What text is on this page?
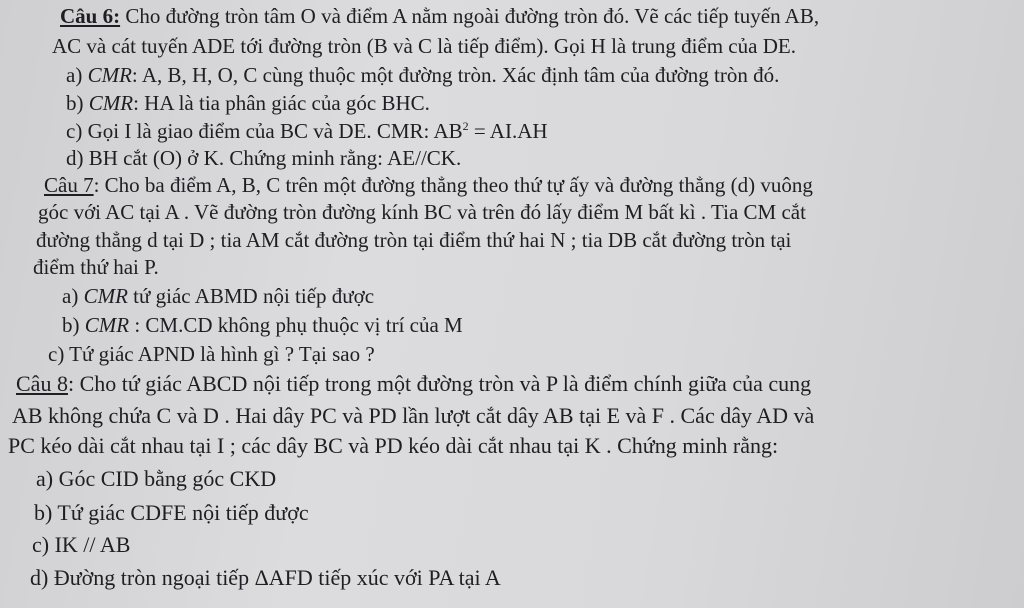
Câu 6: Cho đường tròn tâm O và điểm A nằm ngoài đường tròn đó. Vẽ các tiếp tuyến AB,
AC và cát tuyến ADE tới đường tròn (B và C là tiếp điểm). Gọi H là trung điểm của DE.
a) CMR: A, B, H, O, C cùng thuộc một đường tròn. Xác định tâm của đường tròn đó.
b) CMR: HA là tia phân giác của góc BHC.
c) Gọi I là giao điểm của BC và DE. CMR: $AB^2 = AI.AH$
d) BH cắt (O) ở K. Chứng minh rằng: AE//CK.
Câu 7: Cho ba điểm A, B, C trên một đường thẳng theo thứ tự ấy và đường thẳng (d) vuông
góc với AC tại A . Vẽ đường tròn đường kính BC và trên đó lấy điểm M bất kì . Tia CM cắt
đường thẳng d tại D ; tia AM cắt đường tròn tại điểm thứ hai N ; tia DB cắt đường tròn tại
điểm thứ hai P.
a) CMR tứ giác ABMD nội tiếp được
b) CMR : CM.CD không phụ thuộc vị trí của M
c) Tứ giác APND là hình gì ? Tại sao ?
Câu 8: Cho tứ giác ABCD nội tiếp trong một đường tròn và P là điểm chính giữa của cung
AB không chứa C và D . Hai dây PC và PD lần lượt cắt dây AB tại E và F . Các dây AD và
PC kéo dài cắt nhau tại I ; các dây BC và PD kéo dài cắt nhau tại K . Chứng minh rằng:
a) Góc CID bằng góc CKD
b) Tứ giác CDFE nội tiếp được
c) IK // AB
d) Đường tròn ngoại tiếp ΔAFD tiếp xúc với PA tại A
